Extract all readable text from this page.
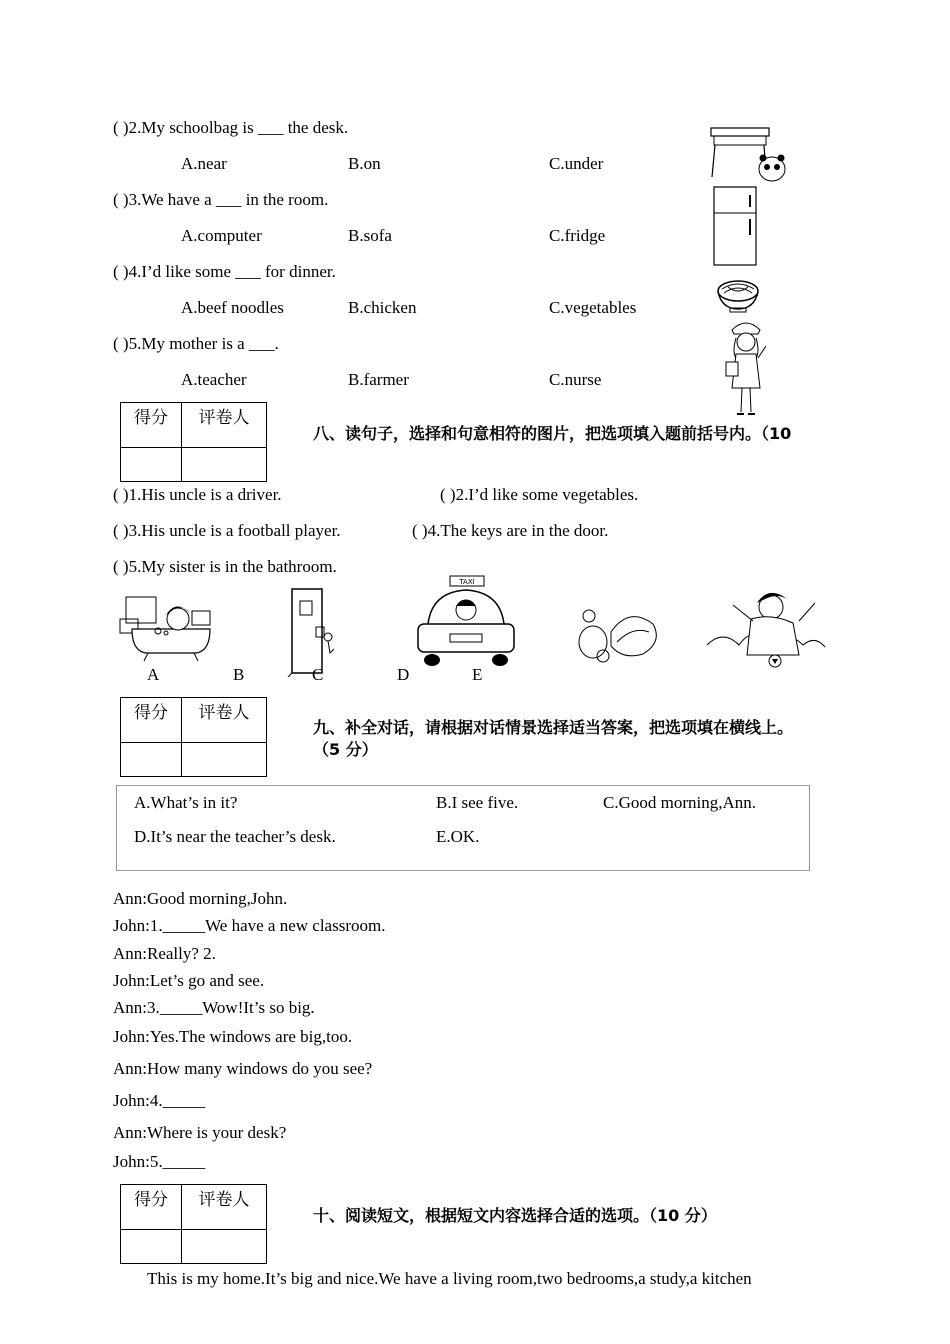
( )2.My schoolbag is ___ the desk.
A.near	B.on	C.under
( )3.We have a ___ in the room.
A.computer	B.sofa	C.fridge
( )4.I’d like some ___ for dinner.
A.beef noodles	B.chicken	C.vegetables
( )5.My mother is a ___.
A.teacher	B.farmer	C.nurse
得分	评卷人

八、读句子，选择和句意相符的图片，把选项填入题前括号内。（10
( )1.His uncle is a driver.	( )2.I’d like some vegetables.
( )3.His uncle is a football player.	( )4.The keys are in the door.
( )5.My sister is in the bathroom.
TAXI
A	B	C	D	E
得分	评卷人

九、补全对话，请根据对话情景选择适当答案，把选项填在横线上。
（5 分）
A.What’s in it?	B.I see five.	C.Good morning,Ann.
D.It’s near the teacher’s desk.	E.OK.
Ann:Good morning,John.
John:1._____We have a new classroom.
Ann:Really? 2.
John:Let’s go and see.
Ann:3._____Wow!It’s so big.
John:Yes.The windows are big,too.
Ann:How many windows do you see?
John:4._____
Ann:Where is your desk?
John:5._____
得分	评卷人

十、阅读短文，根据短文内容选择合适的选项。（10 分）
This is my home.It’s big and nice.We have a living room,two bedrooms,a study,a kitchen
